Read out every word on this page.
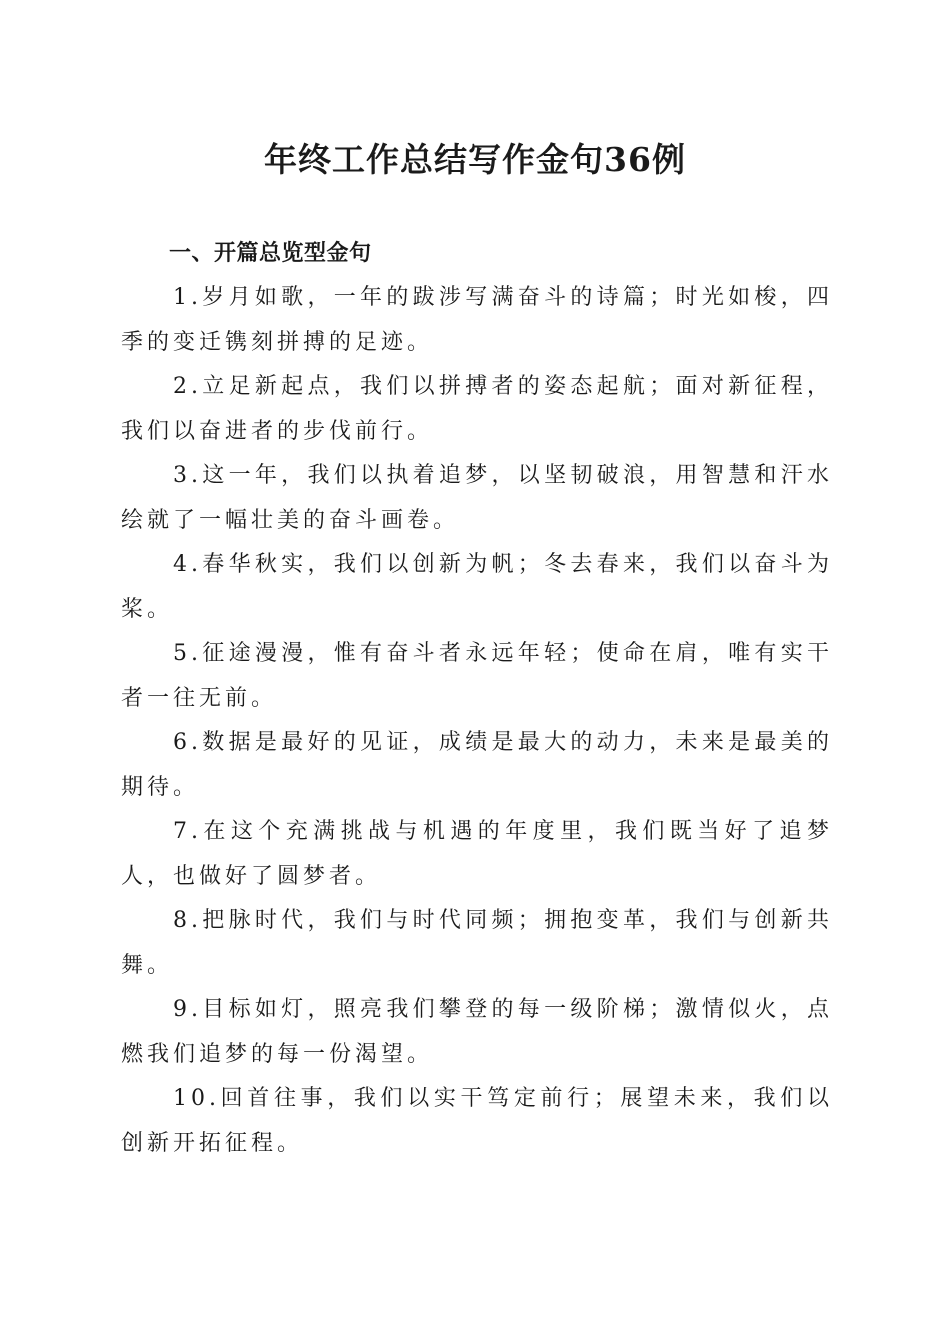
年终工作总结写作金句36例
一、开篇总览型金句

1.岁月如歌，一年的跋涉写满奋斗的诗篇；时光如梭，四季的变迁镌刻拼搏的足迹。

2.立足新起点，我们以拼搏者的姿态起航；面对新征程，我们以奋进者的步伐前行。

3.这一年，我们以执着追梦，以坚韧破浪，用智慧和汗水绘就了一幅壮美的奋斗画卷。

4.春华秋实，我们以创新为帆；冬去春来，我们以奋斗为桨。

5.征途漫漫，惟有奋斗者永远年轻；使命在肩，唯有实干者一往无前。

6.数据是最好的见证，成绩是最大的动力，未来是最美的期待。

7.在这个充满挑战与机遇的年度里，我们既当好了追梦人，也做好了圆梦者。

8.把脉时代，我们与时代同频；拥抱变革，我们与创新共舞。

9.目标如灯，照亮我们攀登的每一级阶梯；激情似火，点燃我们追梦的每一份渴望。

10.回首往事，我们以实干笃定前行；展望未来，我们以创新开拓征程。
